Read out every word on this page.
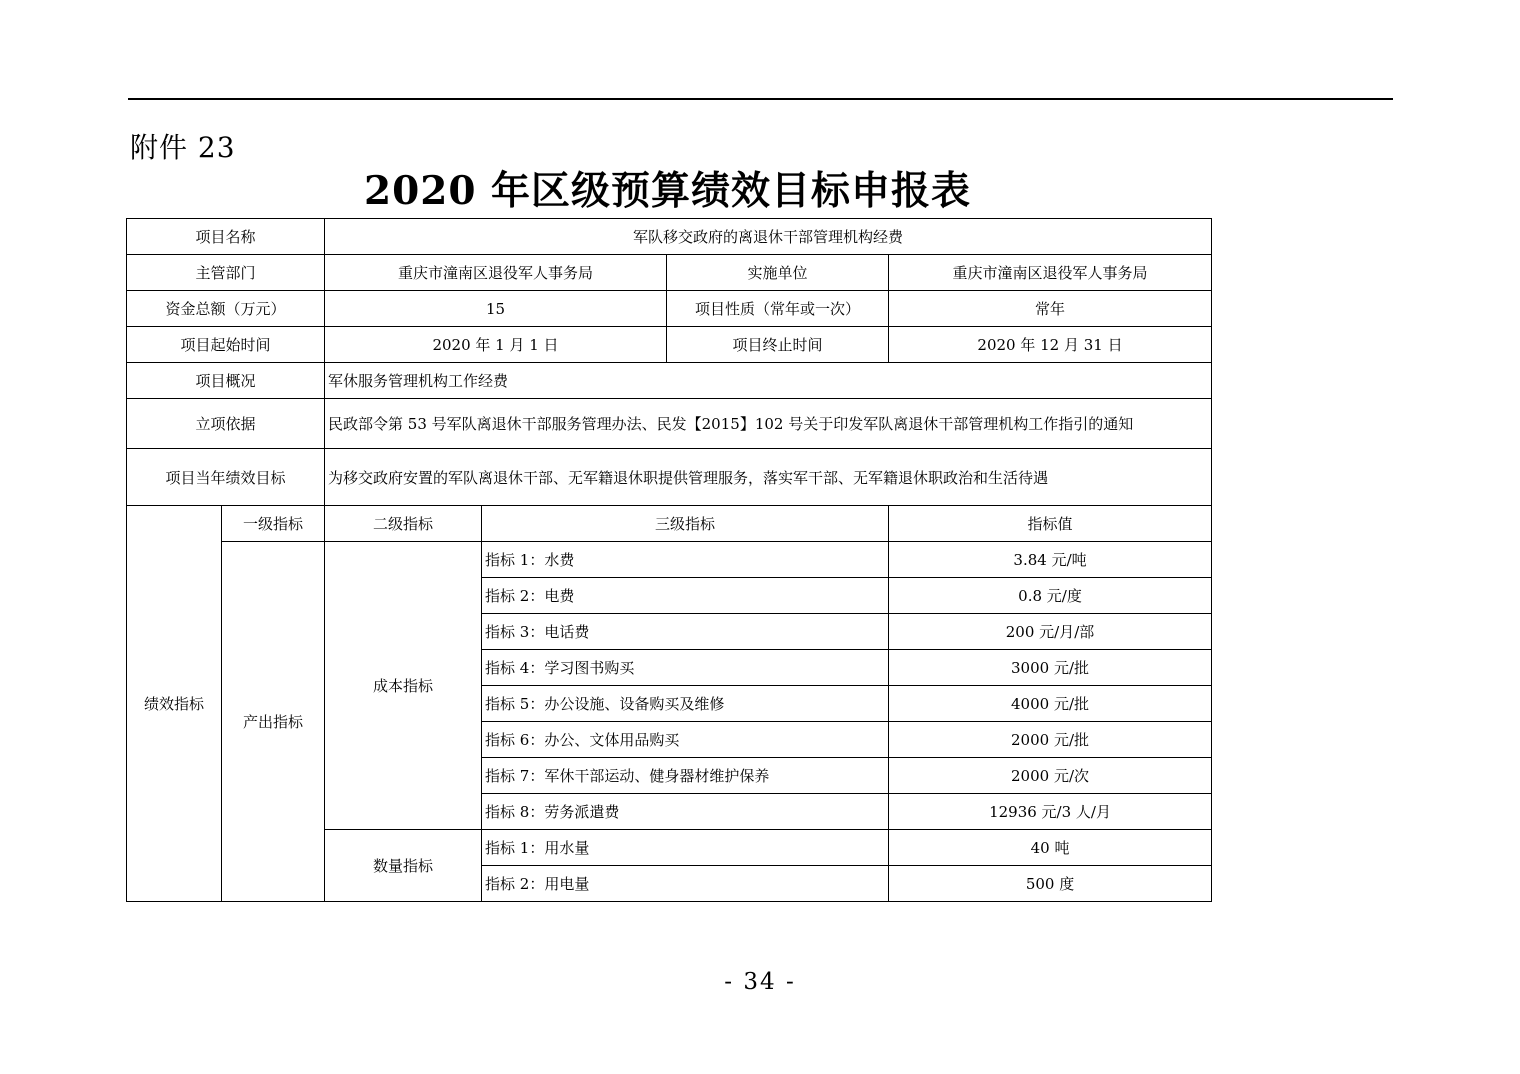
附件 23
2020 年区级预算绩效目标申报表
项目名称		军队移交政府的离退休干部管理机构经费			
主管部门		重庆市潼南区退役军人事务局		实施单位	重庆市潼南区退役军人事务局
资金总额（万元）		15		项目性质（常年或一次）	常年
项目起始时间		2020 年 1 月 1 日		项目终止时间	2020 年 12 月 31 日
项目概况		军休服务管理机构工作经费			
立项依据		民政部令第 53 号军队离退休干部服务管理办法、民发【2015】102 号关于印发军队离退休干部管理机构工作指引的通知			
项目当年绩效目标		为移交政府安置的军队离退休干部、无军籍退休职提供管理服务，落实军干部、无军籍退休职政治和生活待遇			
绩效指标	一级指标	二级指标	三级指标		指标值
	产出指标	成本指标	指标 1：水费		3.84 元/吨
			指标 2：电费		0.8 元/度
			指标 3：电话费		200 元/月/部
			指标 4：学习图书购买		3000 元/批
			指标 5：办公设施、设备购买及维修		4000 元/批
			指标 6：办公、文体用品购买		2000 元/批
			指标 7：军休干部运动、健身器材维护保养		2000 元/次
			指标 8：劳务派遣费		12936 元/3 人/月
		数量指标	指标 1：用水量		40 吨
			指标 2：用电量		500 度
- 34 -
